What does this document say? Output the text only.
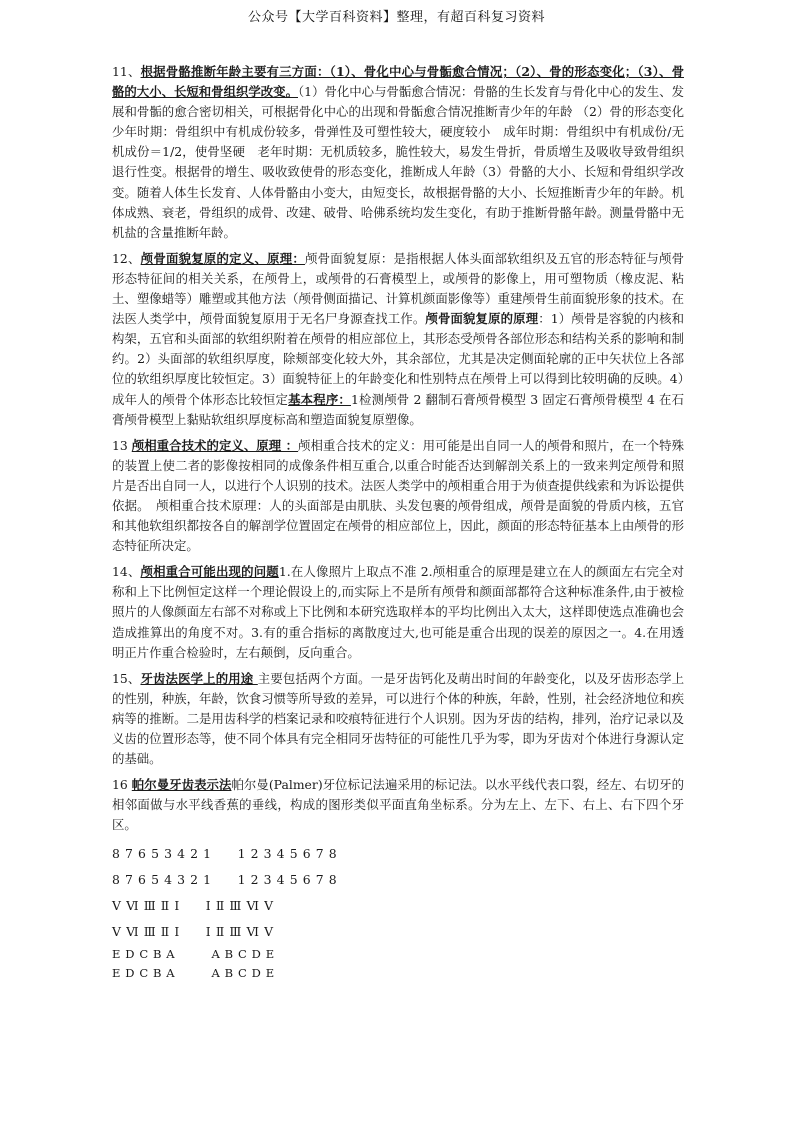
公众号【大学百科资料】整理，有超百科复习资料

11、根据骨骼推断年龄主要有三方面：（1）、骨化中心与骨骺愈合情况；（2）、骨的形态变化；（3）、骨骼的大小、长短和骨组织学改变。（1）骨化中心与骨骺愈合情况：骨骼的生长发育与骨化中心的发生、发展和骨骺的愈合密切相关，可根据骨化中心的出现和骨骺愈合情况推断青少年的年龄 （2）骨的形态变化　少年时期：骨组织中有机成份较多，骨弹性及可塑性较大，硬度较小　成年时期：骨组织中有机成份/无机成份＝1/2，使骨坚硬　老年时期：无机质较多，脆性较大，易发生骨折，骨质增生及吸收导致骨组织退行性变。根据骨的增生、吸收致使骨的形态变化，推断成人年龄（3）骨骼的大小、长短和骨组织学改变。随着人体生长发育、人体骨骼由小变大，由短变长，故根据骨骼的大小、长短推断青少年的年龄。机体成熟、衰老，骨组织的成骨、改建、破骨、哈佛系统均发生变化，有助于推断骨骼年龄。测量骨骼中无机盐的含量推断年龄。

12、颅骨面貌复原的定义、原理：颅骨面貌复原：是指根据人体头面部软组织及五官的形态特征与颅骨形态特征间的相关关系，在颅骨上，或颅骨的石膏模型上，或颅骨的影像上，用可塑物质（橡皮泥、粘土、塑像蜡等）雕塑或其他方法（颅骨侧面描记、计算机颜面影像等）重建颅骨生前面貌形象的技术。在法医人类学中，颅骨面貌复原用于无名尸身源查找工作。颅骨面貌复原的原理：1）颅骨是容貌的内核和构架，五官和头面部的软组织附着在颅骨的相应部位上，其形态受颅骨各部位形态和结构关系的影响和制约。2）头面部的软组织厚度，除颊部变化较大外，其余部位，尤其是决定侧面轮廓的正中矢状位上各部位的软组织厚度比较恒定。3）面貌特征上的年龄变化和性别特点在颅骨上可以得到比较明确的反映。4）成年人的颅骨个体形态比较恒定基本程序：1检测颅骨 2 翻制石膏颅骨模型 3 固定石膏颅骨模型 4 在石膏颅骨模型上黏贴软组织厚度标高和塑造面貌复原塑像。

13 颅相重合技术的定义、原理 ：颅相重合技术的定义：用可能是出自同一人的颅骨和照片，在一个特殊的装置上使二者的影像按相同的成像条件相互重合,以重合时能否达到解剖关系上的一致来判定颅骨和照片是否出自同一人，以进行个人识别的技术。法医人类学中的颅相重合用于为侦查提供线索和为诉讼提供依据。　颅相重合技术原理：人的头面部是由肌肤、头发包裹的颅骨组成，颅骨是面貌的骨质内核，五官和其他软组织都按各自的解剖学位置固定在颅骨的相应部位上，因此，颜面的形态特征基本上由颅骨的形态特征所决定。

14、颅相重合可能出现的问题1.在人像照片上取点不准 2.颅相重合的原理是建立在人的颜面左右完全对称和上下比例恒定这样一个理论假设上的,而实际上不是所有颅骨和颜面部都符合这种标准条件,由于被检照片的人像颜面左右部不对称或上下比例和本研究选取样本的平均比例出入太大，这样即使选点准确也会造成推算出的角度不对。3.有的重合指标的离散度过大,也可能是重合出现的误差的原因之一。4.在用透明正片作重合检验时，左右颠倒，反向重合。

15、牙齿法医学上的用途 主要包括两个方面。一是牙齿钙化及萌出时间的年龄变化，以及牙齿形态学上的性别，种族，年龄，饮食习惯等所导致的差异，可以进行个体的种族，年龄，性别，社会经济地位和疾病等的推断。二是用齿科学的档案记录和咬痕特征进行个人识别。因为牙齿的结构，排列，治疗记录以及义齿的位置形态等，使不同个体具有完全相同牙齿特征的可能性几乎为零，即为牙齿对个体进行身源认定的基础。

16 帕尔曼牙齿表示法帕尔曼(Palmer)牙位标记法遍采用的标记法。以水平线代表口裂，经左、右切牙的相邻面做与水平线香蕉的垂线，构成的图形类似平面直角坐标系。分为左上、左下、右上、右下四个牙区。

8 7 6 5 3 4 2 1　　1 2 3 4 5 6 7 8

8 7 6 5 4 3 2 1　　1 2 3 4 5 6 7 8

Ⅴ Ⅵ Ⅲ Ⅱ Ⅰ　　Ⅰ Ⅱ Ⅲ Ⅵ Ⅴ

Ⅴ Ⅵ Ⅲ Ⅱ Ⅰ　　Ⅰ Ⅱ Ⅲ Ⅵ Ⅴ

E D C B A　　　A B C D E

E D C B A　　　A B C D E
